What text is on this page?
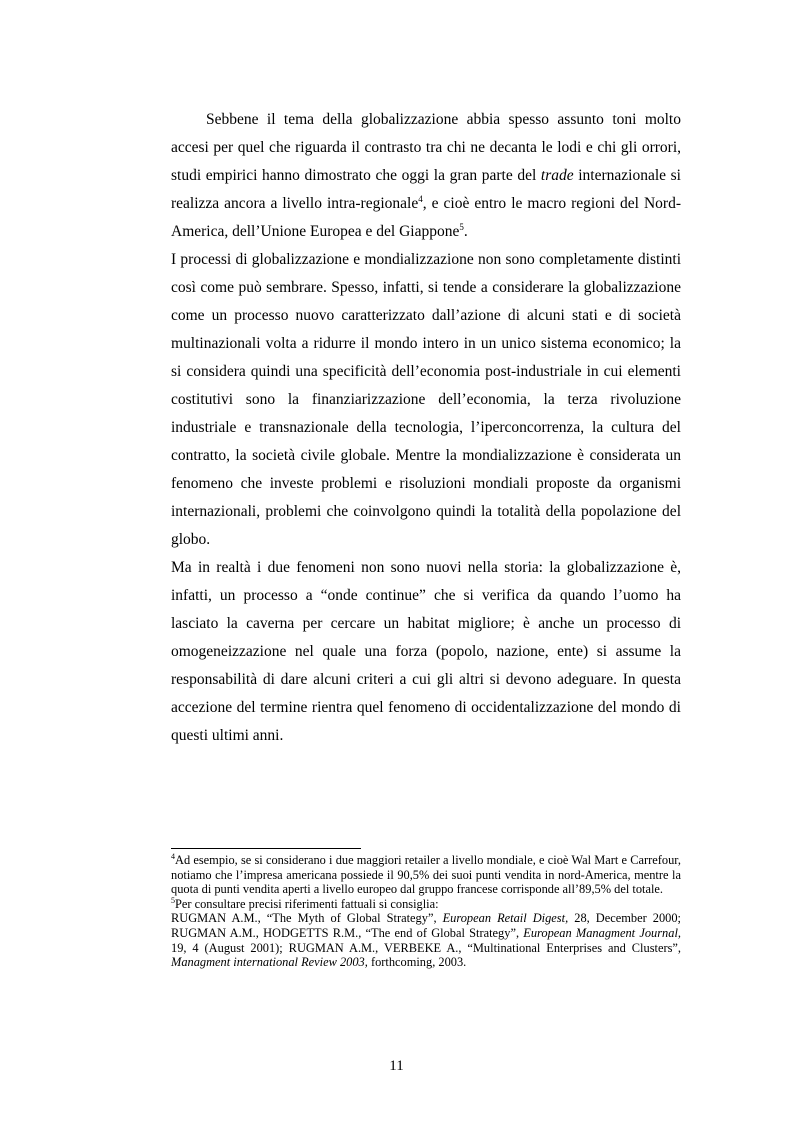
Sebbene il tema della globalizzazione abbia spesso assunto toni molto accesi per quel che riguarda il contrasto tra chi ne decanta le lodi e chi gli orrori, studi empirici hanno dimostrato che oggi la gran parte del trade internazionale si realizza ancora a livello intra-regionale$^4$, e cioè entro le macro regioni del Nord-America, dell’Unione Europea e del Giappone$^5$.

I processi di globalizzazione e mondializzazione non sono completamente distinti così come può sembrare. Spesso, infatti, si tende a considerare la globalizzazione come un processo nuovo caratterizzato dall’azione di alcuni stati e di società multinazionali volta a ridurre il mondo intero in un unico sistema economico; la si considera quindi una specificità dell’economia post-industriale in cui elementi costitutivi sono la finanziarizzazione dell’economia, la terza rivoluzione industriale e transnazionale della tecnologia, l’iperconcorrenza, la cultura del contratto, la società civile globale. Mentre la mondializzazione è considerata un fenomeno che investe problemi e risoluzioni mondiali proposte da organismi internazionali, problemi che coinvolgono quindi la totalità della popolazione del globo.

Ma in realtà i due fenomeni non sono nuovi nella storia: la globalizzazione è, infatti, un processo a “onde continue” che si verifica da quando l’uomo ha lasciato la caverna per cercare un habitat migliore; è anche un processo di omogeneizzazione nel quale una forza (popolo, nazione, ente) si assume la responsabilità di dare alcuni criteri a cui gli altri si devono adeguare. In questa accezione del termine rientra quel fenomeno di occidentalizzazione del mondo di questi ultimi anni.

$^4$Ad esempio, se si considerano i due maggiori retailer a livello mondiale, e cioè Wal Mart e Carrefour, notiamo che l’impresa americana possiede il 90,5% dei suoi punti vendita in nord-America, mentre la quota di punti vendita aperti a livello europeo dal gruppo francese corrisponde all’89,5% del totale.

$^5$Per consultare precisi riferimenti fattuali si consiglia:

RUGMAN A.M., “The Myth of Global Strategy”, European Retail Digest, 28, December 2000; RUGMAN A.M., HODGETTS R.M., “The end of Global Strategy”, European Managment Journal, 19, 4 (August 2001); RUGMAN A.M., VERBEKE A., “Multinational Enterprises and Clusters”, Managment international Review 2003, forthcoming, 2003.

11
